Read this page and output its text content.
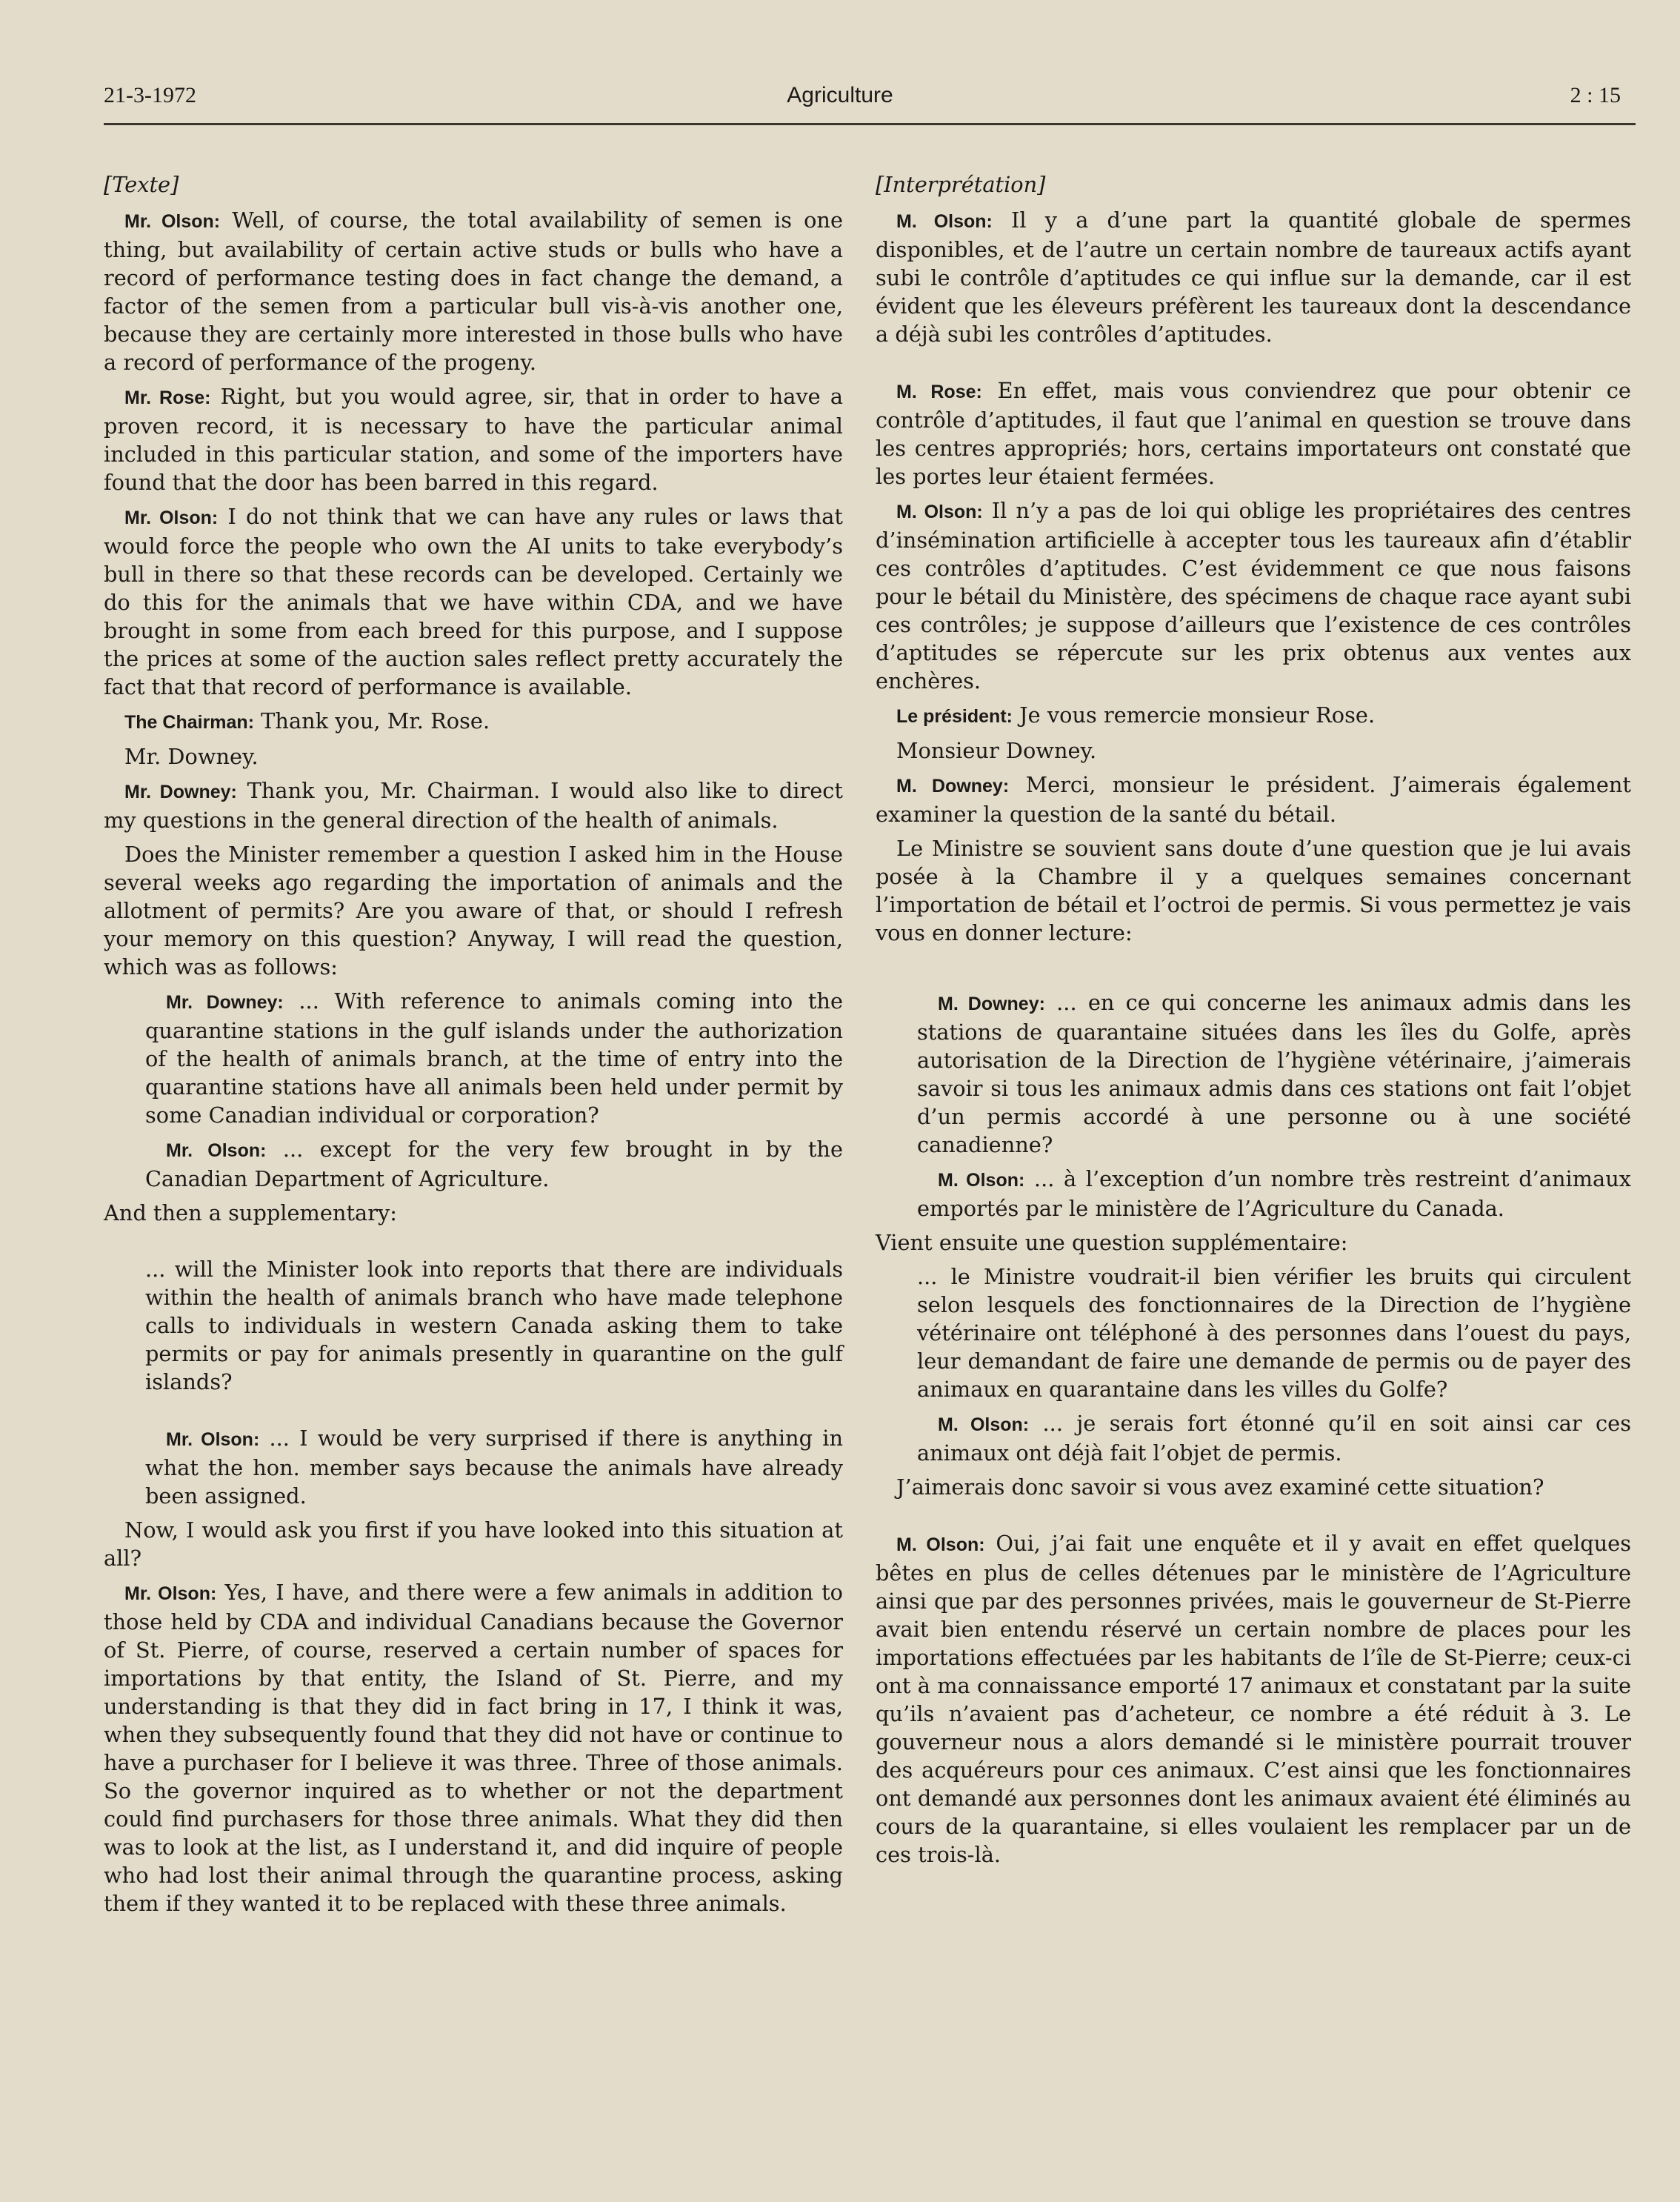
21-3-1972	Agriculture	2 : 15

[Texte]

Mr. Olson: Well, of course, the total availability of semen is one thing, but availability of certain active studs or bulls who have a record of performance testing does in fact change the demand, a factor of the semen from a particular bull vis-à-vis another one, because they are certainly more interested in those bulls who have a record of performance of the progeny.

Mr. Rose: Right, but you would agree, sir, that in order to have a proven record, it is necessary to have the particular animal included in this particular station, and some of the importers have found that the door has been barred in this regard.

Mr. Olson: I do not think that we can have any rules or laws that would force the people who own the AI units to take everybody’s bull in there so that these records can be developed. Certainly we do this for the animals that we have within CDA, and we have brought in some from each breed for this purpose, and I suppose the prices at some of the auction sales reflect pretty accurately the fact that that record of performance is available.

The Chairman: Thank you, Mr. Rose.

Mr. Downey.

Mr. Downey: Thank you, Mr. Chairman. I would also like to direct my questions in the general direction of the health of animals.

Does the Minister remember a question I asked him in the House several weeks ago regarding the importation of animals and the allotment of permits? Are you aware of that, or should I refresh your memory on this question? Anyway, I will read the question, which was as follows:

Mr. Downey: ... With reference to animals coming into the quarantine stations in the gulf islands under the authorization of the health of animals branch, at the time of entry into the quarantine stations have all animals been held under permit by some Canadian individual or corporation?

Mr. Olson: ... except for the very few brought in by the Canadian Department of Agriculture.

And then a supplementary:

... will the Minister look into reports that there are individuals within the health of animals branch who have made telephone calls to individuals in western Canada asking them to take permits or pay for animals presently in quarantine on the gulf islands?

Mr. Olson: ... I would be very surprised if there is anything in what the hon. member says because the animals have already been assigned.

Now, I would ask you first if you have looked into this situation at all?

Mr. Olson: Yes, I have, and there were a few animals in addition to those held by CDA and individual Canadians because the Governor of St. Pierre, of course, reserved a certain number of spaces for importations by that entity, the Island of St. Pierre, and my understanding is that they did in fact bring in 17, I think it was, when they subsequently found that they did not have or continue to have a purchaser for I believe it was three. Three of those animals. So the governor inquired as to whether or not the department could find purchasers for those three animals. What they did then was to look at the list, as I understand it, and did inquire of people who had lost their animal through the quarantine process, asking them if they wanted it to be replaced with these three animals.

[Interprétation]

M. Olson: Il y a d’une part la quantité globale de spermes disponibles, et de l’autre un certain nombre de taureaux actifs ayant subi le contrôle d’aptitudes ce qui influe sur la demande, car il est évident que les éleveurs préfèrent les taureaux dont la descendance a déjà subi les contrôles d’aptitudes.

M. Rose: En effet, mais vous conviendrez que pour obtenir ce contrôle d’aptitudes, il faut que l’animal en question se trouve dans les centres appropriés; hors, certains importateurs ont constaté que les portes leur étaient fermées.

M. Olson: Il n’y a pas de loi qui oblige les propriétaires des centres d’insémination artificielle à accepter tous les taureaux afin d’établir ces contrôles d’aptitudes. C’est évidemment ce que nous faisons pour le bétail du Ministère, des spécimens de chaque race ayant subi ces contrôles; je suppose d’ailleurs que l’existence de ces contrôles d’aptitudes se répercute sur les prix obtenus aux ventes aux enchères.

Le président: Je vous remercie monsieur Rose.

Monsieur Downey.

M. Downey: Merci, monsieur le président. J’aimerais également examiner la question de la santé du bétail.

Le Ministre se souvient sans doute d’une question que je lui avais posée à la Chambre il y a quelques semaines concernant l’importation de bétail et l’octroi de permis. Si vous permettez je vais vous en donner lecture:

M. Downey: ... en ce qui concerne les animaux admis dans les stations de quarantaine situées dans les îles du Golfe, après autorisation de la Direction de l’hygiène vétérinaire, j’aimerais savoir si tous les animaux admis dans ces stations ont fait l’objet d’un permis accordé à une personne ou à une société canadienne?

M. Olson: ... à l’exception d’un nombre très restreint d’animaux emportés par le ministère de l’Agriculture du Canada.

Vient ensuite une question supplémentaire:

... le Ministre voudrait-il bien vérifier les bruits qui circulent selon lesquels des fonctionnaires de la Direction de l’hygiène vétérinaire ont téléphoné à des personnes dans l’ouest du pays, leur demandant de faire une demande de permis ou de payer des animaux en quarantaine dans les villes du Golfe?

M. Olson: ... je serais fort étonné qu’il en soit ainsi car ces animaux ont déjà fait l’objet de permis.

J’aimerais donc savoir si vous avez examiné cette situation?

M. Olson: Oui, j’ai fait une enquête et il y avait en effet quelques bêtes en plus de celles détenues par le ministère de l’Agriculture ainsi que par des personnes privées, mais le gouverneur de St-Pierre avait bien entendu réservé un certain nombre de places pour les importations effectuées par les habitants de l’île de St-Pierre; ceux-ci ont à ma connaissance emporté 17 animaux et constatant par la suite qu’ils n’avaient pas d’acheteur, ce nombre a été réduit à 3. Le gouverneur nous a alors demandé si le ministère pourrait trouver des acquéreurs pour ces animaux. C’est ainsi que les fonctionnaires ont demandé aux personnes dont les animaux avaient été éliminés au cours de la quarantaine, si elles voulaient les remplacer par un de ces trois-là.
